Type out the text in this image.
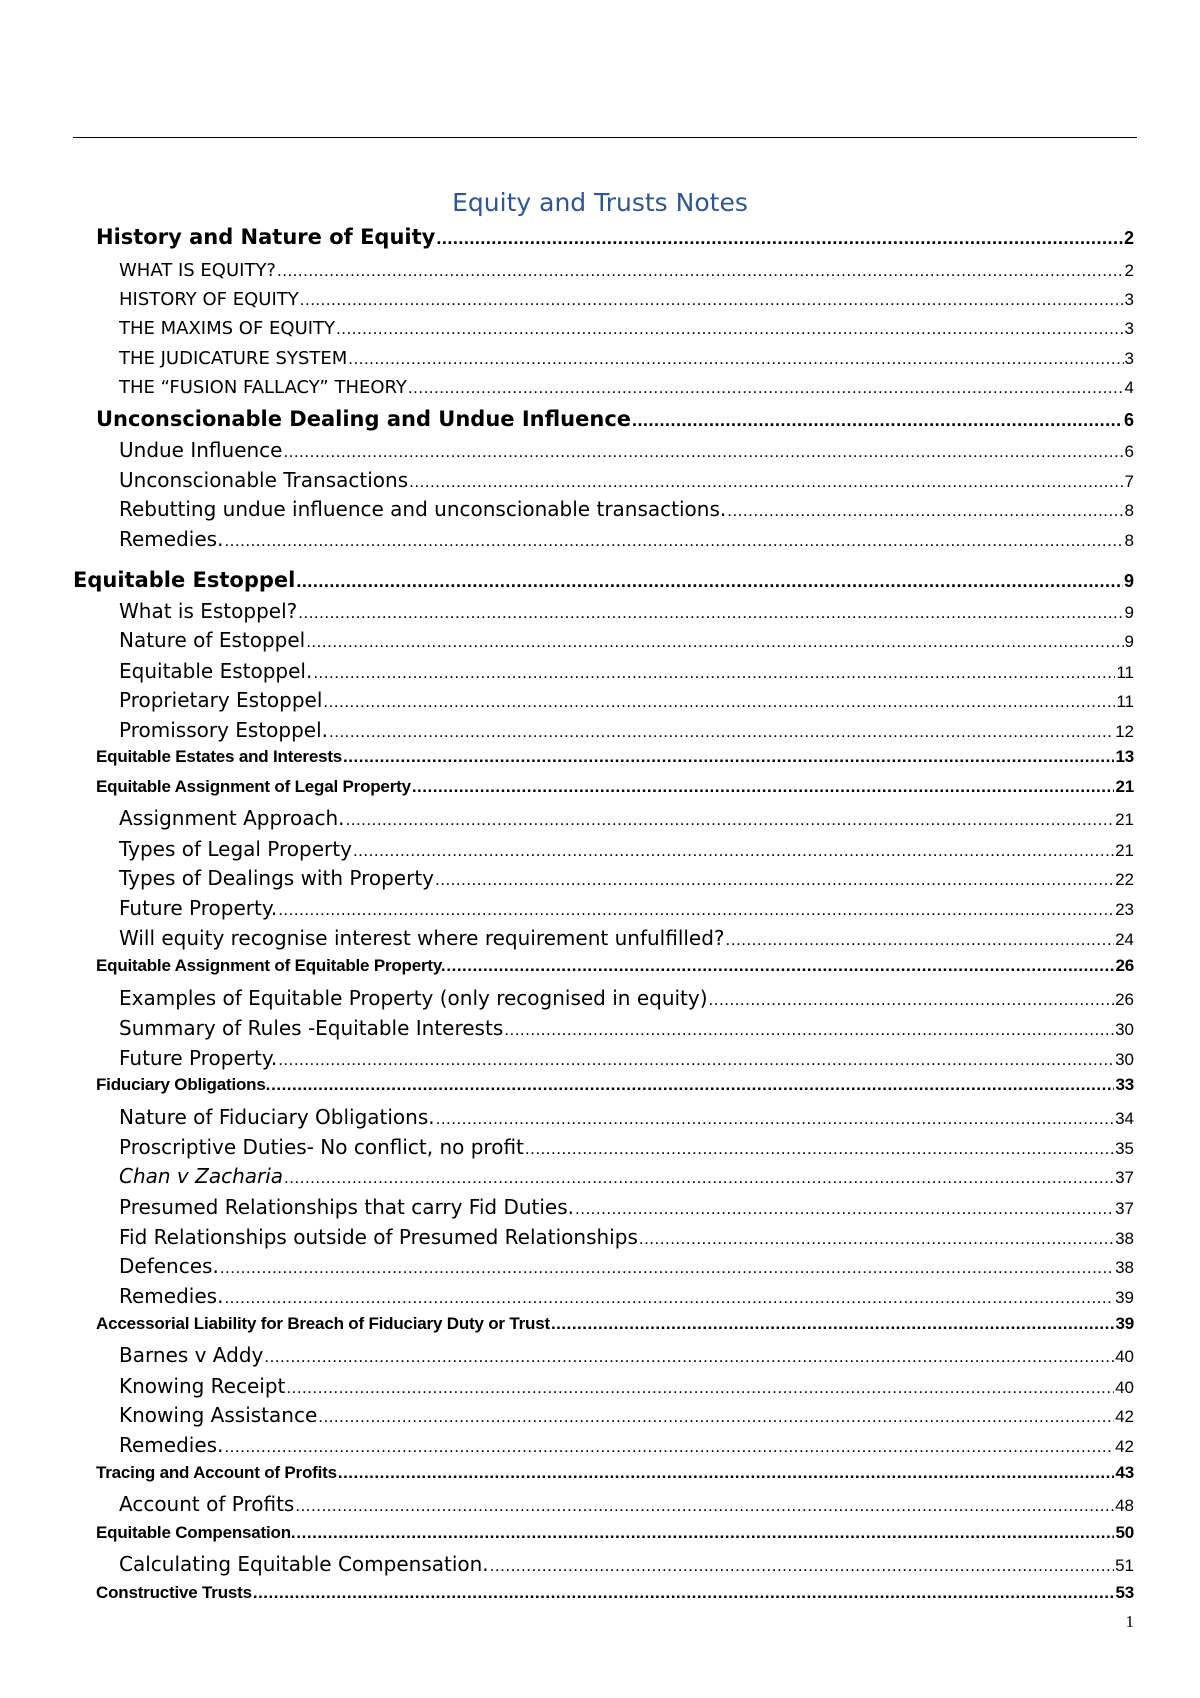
Equity and Trusts Notes
History and Nature of Equity .....	2
WHAT IS EQUITY? .....	2
HISTORY OF EQUITY .....	3
THE MAXIMS OF EQUITY .....	3
THE JUDICATURE SYSTEM .....	3
THE “FUSION FALLACY” THEORY .....	4
Unconscionable Dealing and Undue Influence .....	6
Undue Influence .....	6
Unconscionable Transactions .....	7
Rebutting undue influence and unconscionable transactions. .....	8
Remedies. .....	8
Equitable Estoppel .....	9
What is Estoppel? .....	9
Nature of Estoppel .....	9
Equitable Estoppel. .....	11
Proprietary Estoppel .....	11
Promissory Estoppel. .....	12
Equitable Estates and Interests .....	13
Equitable Assignment of Legal Property .....	21
Assignment Approach. .....	21
Types of Legal Property .....	21
Types of Dealings with Property .....	22
Future Property. .....	23
Will equity recognise interest where requirement unfulfilled? .....	24
Equitable Assignment of Equitable Property. .....	26
Examples of Equitable Property (only recognised in equity) .....	26
Summary of Rules -Equitable Interests .....	30
Future Property. .....	30
Fiduciary Obligations. .....	33
Nature of Fiduciary Obligations. .....	34
Proscriptive Duties- No conflict, no profit .....	35
Chan v Zacharia .....	37
Presumed Relationships that carry Fid Duties. .....	37
Fid Relationships outside of Presumed Relationships .....	38
Defences. .....	38
Remedies. .....	39
Accessorial Liability for Breach of Fiduciary Duty or Trust .....	39
Barnes v Addy .....	40
Knowing Receipt .....	40
Knowing Assistance .....	42
Remedies. .....	42
Tracing and Account of Profits .....	43
Account of Profits .....	48
Equitable Compensation. .....	50
Calculating Equitable Compensation. .....	51
Constructive Trusts .....	53
1
